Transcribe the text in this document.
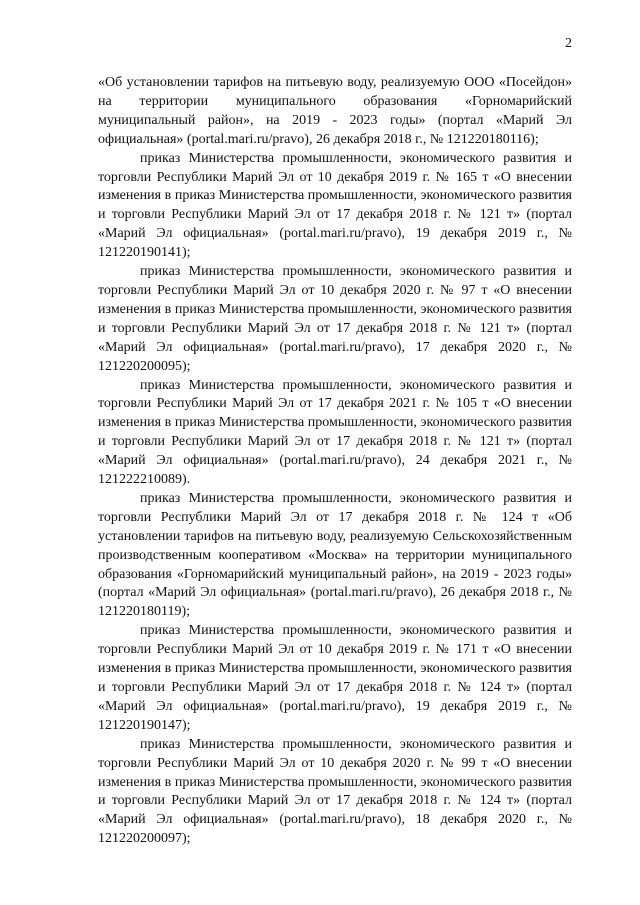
2

«Об установлении тарифов на питьевую воду, реализуемую ООО «Посейдон» на территории муниципального образования «Горномарийский муниципальный район», на 2019 - 2023 годы» (портал «Марий Эл официальная» (portal.mari.ru/pravo), 26 декабря 2018 г., № 121220180116);

приказ Министерства промышленности, экономического развития и торговли Республики Марий Эл от 10 декабря 2019 г. № 165 т «О внесении изменения в приказ Министерства промышленности, экономического развития и торговли Республики Марий Эл от 17 декабря 2018 г. № 121 т» (портал «Марий Эл официальная» (portal.mari.ru/pravo), 19 декабря 2019 г., № 121220190141);

приказ Министерства промышленности, экономического развития и торговли Республики Марий Эл от 10 декабря 2020 г. № 97 т «О внесении изменения в приказ Министерства промышленности, экономического развития и торговли Республики Марий Эл от 17 декабря 2018 г. № 121 т» (портал «Марий Эл официальная» (portal.mari.ru/pravo), 17 декабря 2020 г., № 121220200095);

приказ Министерства промышленности, экономического развития и торговли Республики Марий Эл от 17 декабря 2021 г. № 105 т «О внесении изменения в приказ Министерства промышленности, экономического развития и торговли Республики Марий Эл от 17 декабря 2018 г. № 121 т» (портал «Марий Эл официальная» (portal.mari.ru/pravo), 24 декабря 2021 г., № 121222210089).

приказ Министерства промышленности, экономического развития и торговли Республики Марий Эл от 17 декабря 2018 г. № 124 т «Об установлении тарифов на питьевую воду, реализуемую Сельскохозяйственным производственным кооперативом «Москва» на территории муниципального образования «Горномарийский муниципальный район», на 2019 - 2023 годы» (портал «Марий Эл официальная» (portal.mari.ru/pravo), 26 декабря 2018 г., № 121220180119);

приказ Министерства промышленности, экономического развития и торговли Республики Марий Эл от 10 декабря 2019 г. № 171 т «О внесении изменения в приказ Министерства промышленности, экономического развития и торговли Республики Марий Эл от 17 декабря 2018 г. № 124 т» (портал «Марий Эл официальная» (portal.mari.ru/pravo), 19 декабря 2019 г., № 121220190147);

приказ Министерства промышленности, экономического развития и торговли Республики Марий Эл от 10 декабря 2020 г. № 99 т «О внесении изменения в приказ Министерства промышленности, экономического развития и торговли Республики Марий Эл от 17 декабря 2018 г. № 124 т» (портал «Марий Эл официальная» (portal.mari.ru/pravo), 18 декабря 2020 г., № 121220200097);
